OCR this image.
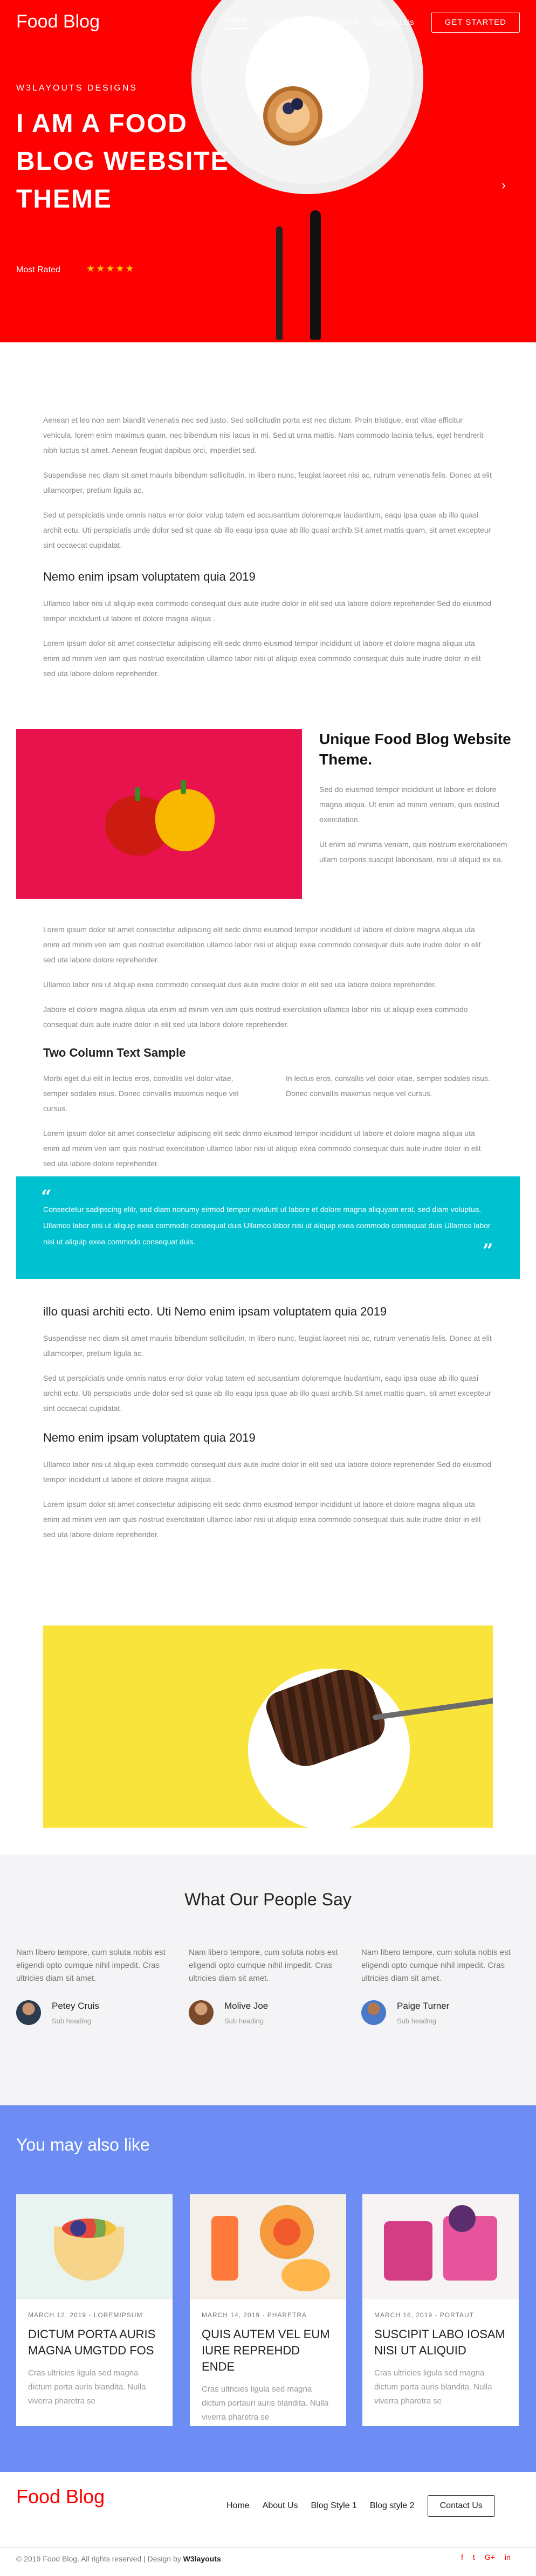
Food Blog	Home About Us Dropdown ▾ Contact Us	GET STARTED
W3LAYOUTS DESIGNS
I AM A FOOD BLOG WEBSITE THEME
Most Rated	★★★★★
›

Aenean et leo non sem blandit venenatis nec sed justo. Sed sollicitudin porta est nec dictum. Proin tristique, erat vitae efficitur vehicula, lorem enim maximus quam, nec bibendum nisi lacus in mi. Sed ut urna mattis. Nam commodo lacinia tellus, eget hendrerit nibh luctus sit amet. Aenean feugiat dapibus orci, imperdiet sed.

Suspendisse nec diam sit amet mauris bibendum sollicitudin. In libero nunc, feugiat laoreet nisi ac, rutrum venenatis felis. Donec at elit ullamcorper, pretium ligula ac.

Sed ut perspiciatis unde omnis natus error dolor volup tatem ed accusantium doloremque laudantium, eaqu ipsa quae ab illo quasi archit ectu. Uti perspiciatis unde dolor sed sit quae ab illo eaqu ipsa quae ab illo quasi archib.Sit amet mattis quam, sit amet excepteur sint occaecat cupidatat.

Nemo enim ipsam voluptatem quia 2019

Ullamco labor nisi ut aliquip exea commodo consequat duis aute irudre dolor in elit sed uta labore dolore reprehender Sed do eiusmod tempor incididunt ut labore et dolore magna aliqua .

Lorem ipsum dolor sit amet consectetur adipiscing elit sedc dnmo eiusmod tempor incididunt ut labore et dolore magna aliqua uta enim ad minim ven iam quis nostrud exercitation ullamco labor nisi ut aliquip exea commodo consequat duis aute irudre dolor in elit sed uta labore dolore reprehender.

Unique Food Blog Website Theme.

Sed do eiusmod tempor incididunt ut labore et dolore magna aliqua. Ut enim ad minim veniam, quis nostrud exercitation.

Ut enim ad minima veniam, quis nostrum exercitationem ullam corporis suscipit laboriosam, nisi ut aliquid ex ea.

Lorem ipsum dolor sit amet consectetur adipiscing elit sedc dnmo eiusmod tempor incididunt ut labore et dolore magna aliqua uta enim ad minim ven iam quis nostrud exercitation ullamco labor nisi ut aliquip exea commodo consequat duis aute irudre dolor in elit sed uta labore dolore reprehender.

Ullamco labor nisi ut aliquip exea commodo consequat duis aute irudre dolor in elit sed uta labore dolore reprehender.

Jabore et dolore magna aliqua uta enim ad minim ven iam quis nostrud exercitation ullamco labor nisi ut aliquip exea commodo consequat duis aute irudre dolor in elit sed uta labore dolore reprehender.

Two Column Text Sample

Morbi eget dui elit in lectus eros, convallis vel dolor vitae, semper sodales risus. Donec convallis maximus neque vel cursus.

In lectus eros, convallis vel dolor vitae, semper sodales risus. Donec convallis maximus neque vel cursus.

Lorem ipsum dolor sit amet consectetur adipiscing elit sedc dnmo eiusmod tempor incididunt ut labore et dolore magna aliqua uta enim ad minim ven iam quis nostrud exercitation ullamco labor nisi ut aliquip exea commodo consequat duis aute irudre dolor in elit sed uta labore dolore reprehender.

“

Consectetur sadipscing elitr, sed diam nonumy eirmod tempor invidunt ut labore et dolore magna aliquyam erat, sed diam voluptua. Ullamco labor nisi ut aliquip exea commodo consequat duis Ullamco labor nisi ut aliquip exea commodo consequat duis Ullamco labor nisi ut aliquip exea commodo consequat duis.	”
illo quasi architi ecto. Uti Nemo enim ipsam voluptatem quia 2019

Suspendisse nec diam sit amet mauris bibendum sollicitudin. In libero nunc, feugiat laoreet nisi ac, rutrum venenatis felis. Donec at elit ullamcorper, pretium ligula ac.

Sed ut perspiciatis unde omnis natus error dolor volup tatem ed accusantium doloremque laudantium, eaqu ipsa quae ab illo quasi archit ectu. Uti perspiciatis unde dolor sed sit quae ab illo eaqu ipsa quae ab illo quasi archib.Sit amet mattis quam, sit amet excepteur sint occaecat cupidatat.

Nemo enim ipsam voluptatem quia 2019

Ullamco labor nisi ut aliquip exea commodo consequat duis aute irudre dolor in elit sed uta labore dolore reprehender Sed do eiusmod tempor incididunt ut labore et dolore magna aliqua .

Lorem ipsum dolor sit amet consectetur adipiscing elit sedc dnmo eiusmod tempor incididunt ut labore et dolore magna aliqua uta enim ad minim ven iam quis nostrud exercitation ullamco labor nisi ut aliquip exea commodo consequat duis aute irudre dolor in elit sed uta labore dolore reprehender.

What Our People Say

Nam libero tempore, cum soluta nobis est eligendi opto cumque nihil impedit. Cras ultricies diam sit amet.

Petey Cruis
Sub heading

Nam libero tempore, cum soluta nobis est eligendi opto cumque nihil impedit. Cras ultricies diam sit amet.

Molive Joe
Sub heading

Nam libero tempore, cum soluta nobis est eligendi opto cumque nihil impedit. Cras ultricies diam sit amet.

Paige Turner
Sub heading
You may also like
MARCH 12, 2019 - LOREMIPSUM
DICTUM PORTA AURIS MAGNA UMGTDD FOS
Cras ultricies ligula sed magna dictum porta auris blandita. Nulla viverra pharetra se
MARCH 14, 2019 - PHARETRA
QUIS AUTEM VEL EUM IURE REPREHDD ENDE
Cras ultricies ligula sed magna dictum portauri auris blandita. Nulla viverra pharetra se
MARCH 16, 2019 - PORTAUT
SUSCIPIT LABO IOSAM NISI UT ALIQUID
Cras ultricies ligula sed magna dictum porta auris blandita. Nulla viverra pharetra se
Food Blog	Home About Us Blog Style 1 Blog style 2	Contact Us
© 2019 Food Blog. All rights reserved | Design by W3layouts	f t G+ in
